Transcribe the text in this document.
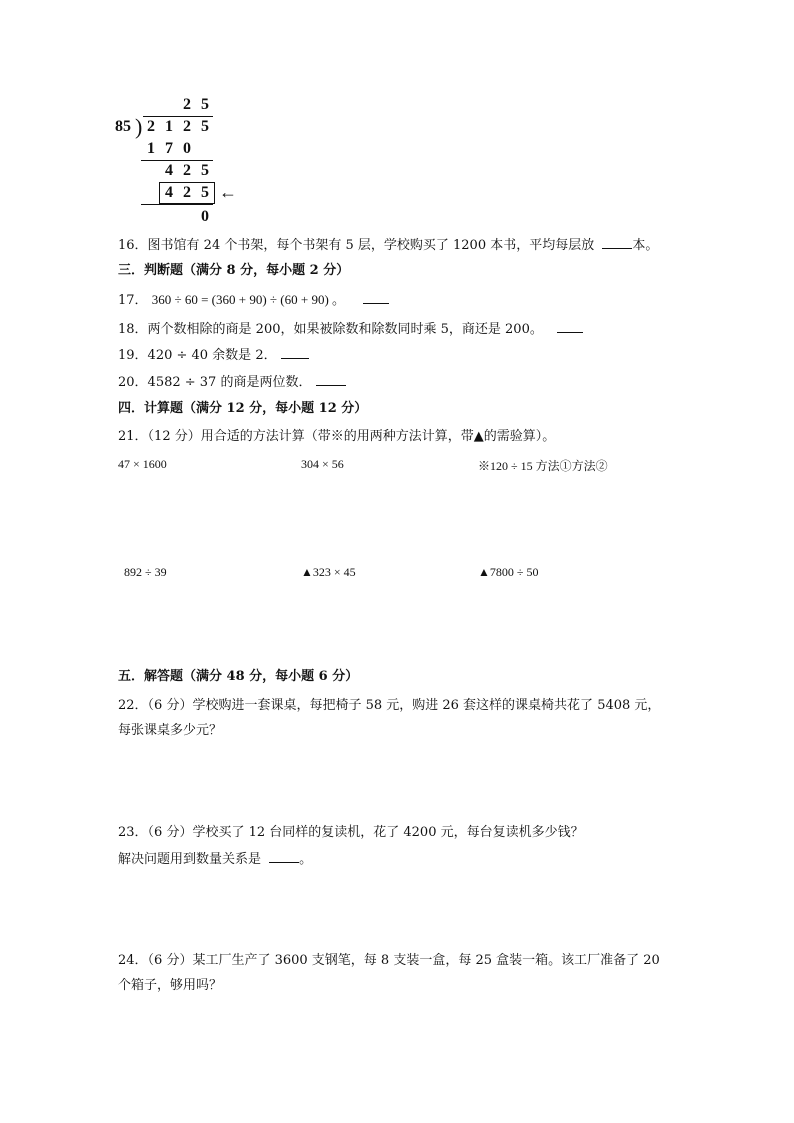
2 5
85 ) 2 1 2 5
1 7 0
4 2 5
4 2 5 ←
0
16．图书馆有 24 个书架，每个书架有 5 层，学校购买了 1200 本书，平均每层放	本。
三．判断题（满分 8 分，每小题 2 分）
17． 360 ÷ 60 = (360 + 90) ÷ (60 + 90) 。
18．两个数相除的商是 200，如果被除数和除数同时乘 5，商还是 200。
19．420 ÷ 40 余数是 2．
20．4582 ÷ 37 的商是两位数．
四．计算题（满分 12 分，每小题 12 分）
21．（12 分）用合适的方法计算（带※的用两种方法计算，带▲的需验算）。
47 × 1600	304 × 56	※120 ÷ 15 方法①方法②
892 ÷ 39	▲323 × 45	▲7800 ÷ 50
五．解答题（满分 48 分，每小题 6 分）
22．（6 分）学校购进一套课桌，每把椅子 58 元，购进 26 套这样的课桌椅共花了 5408 元，
每张课桌多少元？
23．（6 分）学校买了 12 台同样的复读机，花了 4200 元，每台复读机多少钱？
解决问题用到数量关系是	。
24．（6 分）某工厂生产了 3600 支钢笔，每 8 支装一盒，每 25 盒装一箱。该工厂准备了 20
个箱子，够用吗？
